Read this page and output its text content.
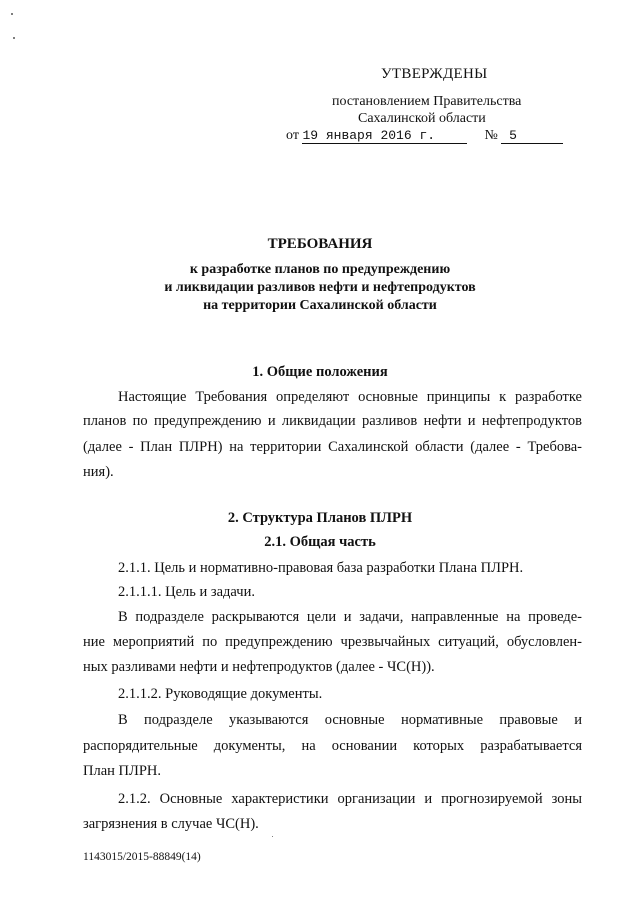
УТВЕРЖДЕНЫ
постановлением Правительства
Сахалинской области
от 19 января 2016 г.	№ 5
ТРЕБОВАНИЯ
к разработке планов по предупреждению
и ликвидации разливов нефти и нефтепродуктов
на территории Сахалинской области
1. Общие положения
Настоящие Требования определяют основные принципы к разработке
планов по предупреждению и ликвидации разливов нефти и нефтепродуктов
(далее - План ПЛРН) на территории Сахалинской области (далее - Требова-
ния).
2. Структура Планов ПЛРН
2.1. Общая часть
2.1.1. Цель и нормативно-правовая база разработки Плана ПЛРН.
2.1.1.1. Цель и задачи.
В подразделе раскрываются цели и задачи, направленные на проведе-
ние мероприятий по предупреждению чрезвычайных ситуаций, обусловлен-
ных разливами нефти и нефтепродуктов (далее - ЧС(Н)).
2.1.1.2. Руководящие документы.
В подразделе указываются основные нормативные правовые и
распорядительные документы, на основании которых разрабатывается
План ПЛРН.
2.1.2. Основные характеристики организации и прогнозируемой зоны
загрязнения в случае ЧС(Н).
1143015/2015-88849(14)
